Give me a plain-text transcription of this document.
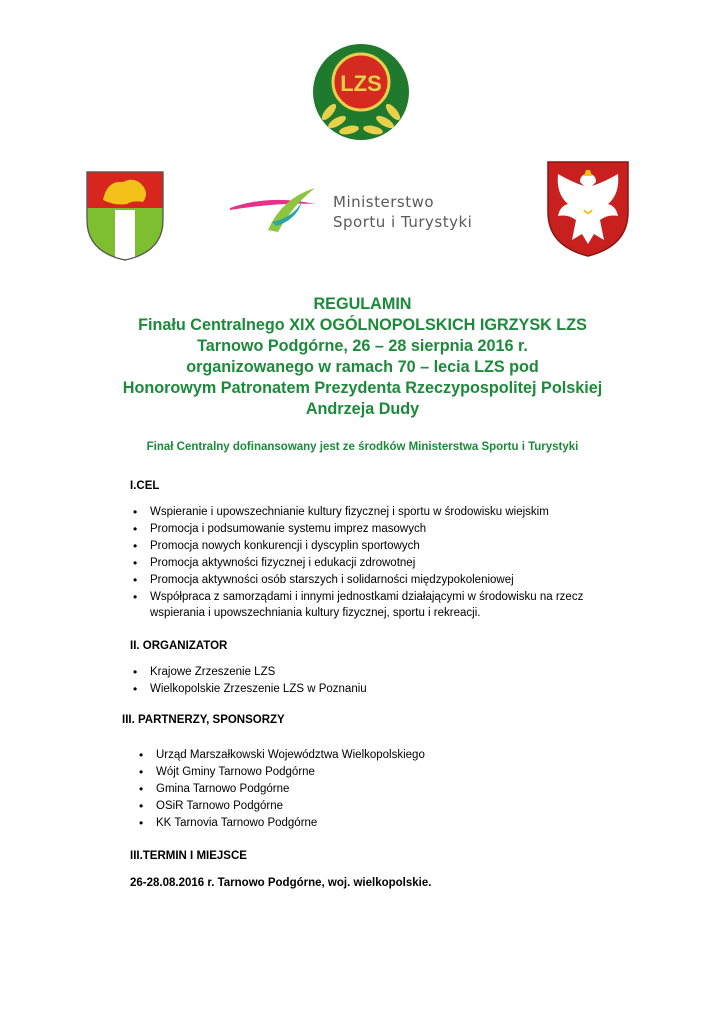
LZS
Ministerstwo
Sportu i Turystyki
REGULAMIN
Finału Centralnego XIX OGÓLNOPOLSKICH IGRZYSK LZS
Tarnowo Podgórne, 26 – 28 sierpnia 2016 r.
organizowanego w ramach 70 – lecia LZS pod
Honorowym Patronatem Prezydenta Rzeczypospolitej Polskiej
Andrzeja Dudy
Finał Centralny dofinansowany jest ze środków Ministerstwa Sportu i Turystyki
I.CEL
• Wspieranie i upowszechnianie kultury fizycznej i sportu w środowisku wiejskim
• Promocja i podsumowanie systemu imprez masowych
• Promocja nowych konkurencji i dyscyplin sportowych
• Promocja aktywności fizycznej i edukacji zdrowotnej
• Promocja aktywności osób starszych i solidarności międzypokoleniowej
• Współpraca z samorządami i innymi jednostkami działającymi w środowisku na rzecz
wspierania i upowszechniania kultury fizycznej, sportu i rekreacji.
II. ORGANIZATOR
• Krajowe Zrzeszenie LZS
• Wielkopolskie Zrzeszenie LZS w Poznaniu
III. PARTNERZY, SPONSORZY
• Urząd Marszałkowski Województwa Wielkopolskiego
• Wójt Gminy Tarnowo Podgórne
• Gmina Tarnowo Podgórne
• OSiR Tarnowo Podgórne
• KK Tarnovia Tarnowo Podgórne
III.TERMIN I MIEJSCE
26-28.08.2016 r. Tarnowo Podgórne, woj. wielkopolskie.
